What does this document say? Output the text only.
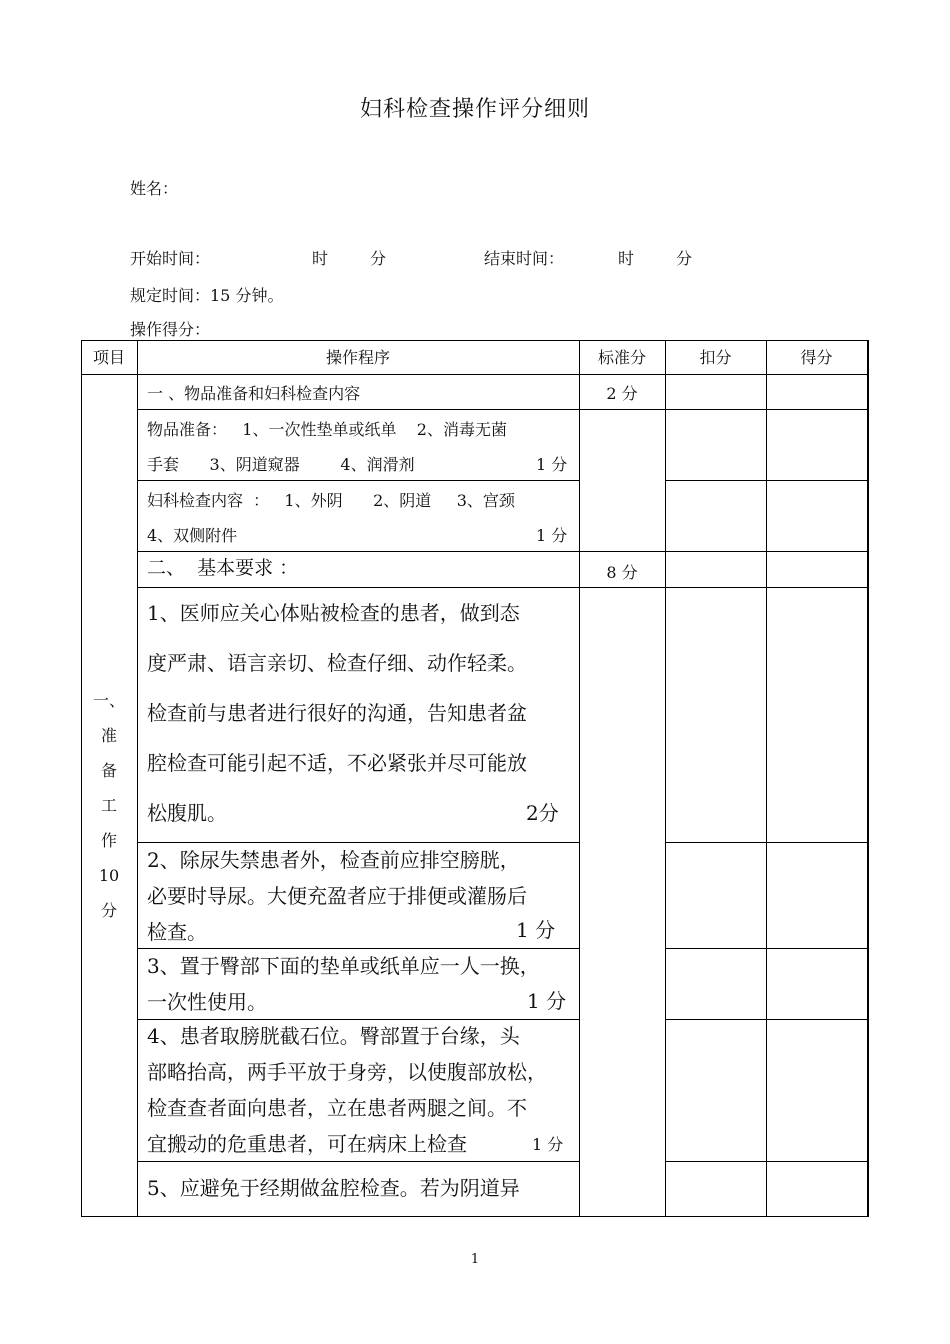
妇科检查操作评分细则
姓名：
开始时间：	时	分	结束时间：	时	分
规定时间：15 分钟。
操作得分：
项目	操作程序	标准分	扣分	得分
一、
准
备
工
作
10
分
一 、物品准备和妇科检查内容	2 分
物品准备：   1、一次性垫单或纸单    2、消毒无菌
手套      3、阴道窥器        4、润滑剂	1 分
妇科检查内容  ：   1、外阴      2、阴道     3、宫颈
4、双侧附件	1 分
二、  基本要求 ：	8 分
1、医师应关心体贴被检查的患者，做到态
度严肃、语言亲切、检查仔细、动作轻柔。
检查前与患者进行很好的沟通，告知患者盆
腔检查可能引起不适，不必紧张并尽可能放
松腹肌。	2分
2、除尿失禁患者外，检查前应排空膀胱，
必要时导尿。大便充盈者应于排便或灌肠后
检查。	1 分
3、置于臀部下面的垫单或纸单应一人一换，
一次性使用。	1 分
4、患者取膀胱截石位。臀部置于台缘，头
部略抬高，两手平放于身旁，以使腹部放松，
检查查者面向患者，立在患者两腿之间。不
宜搬动的危重患者，可在病床上检查	1 分
5、应避免于经期做盆腔检查。若为阴道异
1
